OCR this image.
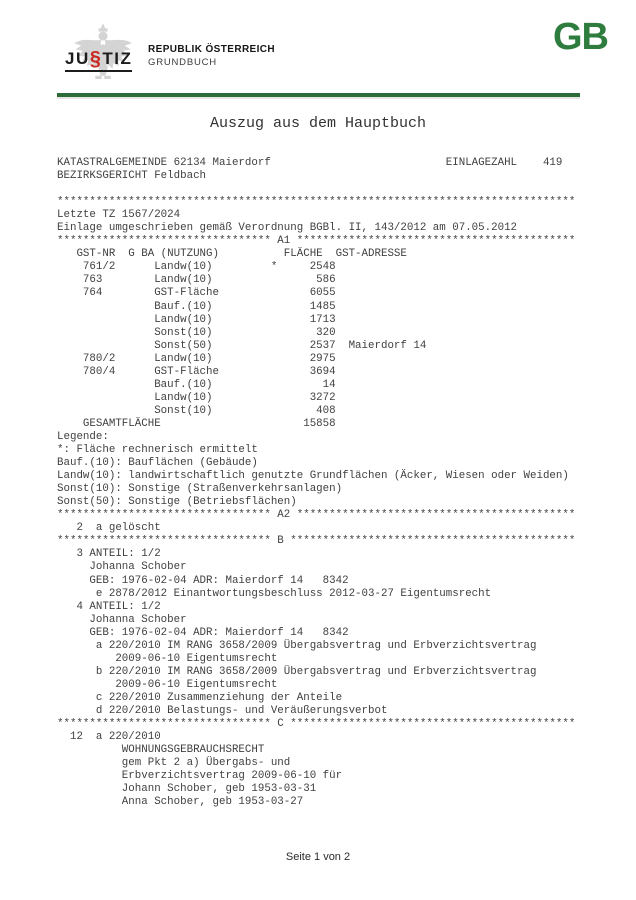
JU§TIZ REPUBLIK ÖSTERREICH
GRUNDBUCH
GB
Auszug aus dem Hauptbuch
KATASTRALGEMEINDE 62134 Maierdorf                           EINLAGEZAHL    419
BEZIRKSGERICHT Feldbach

********************************************************************************
Letzte TZ 1567/2024
Einlage umgeschrieben gemäß Verordnung BGBl. II, 143/2012 am 07.05.2012
********************************* A1 *******************************************
GST-NR  G BA (NUTZUNG)          FLÄCHE  GST-ADRESSE
761/2      Landw(10)         *     2548
763        Landw(10)                586
764        GST-Fläche              6055
Bauf.(10)               1485
Landw(10)               1713
Sonst(10)                320
Sonst(50)               2537  Maierdorf 14
780/2      Landw(10)               2975
780/4      GST-Fläche              3694
Bauf.(10)                 14
Landw(10)               3272
Sonst(10)                408
GESAMTFLÄCHE                      15858
Legende:
*: Fläche rechnerisch ermittelt
Bauf.(10): Bauflächen (Gebäude)
Landw(10): landwirtschaftlich genutzte Grundflächen (Äcker, Wiesen oder Weiden)
Sonst(10): Sonstige (Straßenverkehrsanlagen)
Sonst(50): Sonstige (Betriebsflächen)
********************************* A2 *******************************************
2  a gelöscht
********************************* B ********************************************
3 ANTEIL: 1/2
Johanna Schober
GEB: 1976-02-04 ADR: Maierdorf 14   8342
e 2878/2012 Einantwortungsbeschluss 2012-03-27 Eigentumsrecht
4 ANTEIL: 1/2
Johanna Schober
GEB: 1976-02-04 ADR: Maierdorf 14   8342
a 220/2010 IM RANG 3658/2009 Übergabsvertrag und Erbverzichtsvertrag
2009-06-10 Eigentumsrecht
b 220/2010 IM RANG 3658/2009 Übergabsvertrag und Erbverzichtsvertrag
2009-06-10 Eigentumsrecht
c 220/2010 Zusammenziehung der Anteile
d 220/2010 Belastungs- und Veräußerungsverbot
********************************* C ********************************************
12  a 220/2010
WOHNUNGSGEBRAUCHSRECHT
gem Pkt 2 a) Übergabs- und
Erbverzichtsvertrag 2009-06-10 für
Johann Schober, geb 1953-03-31
Anna Schober, geb 1953-03-27
Seite 1 von 2
